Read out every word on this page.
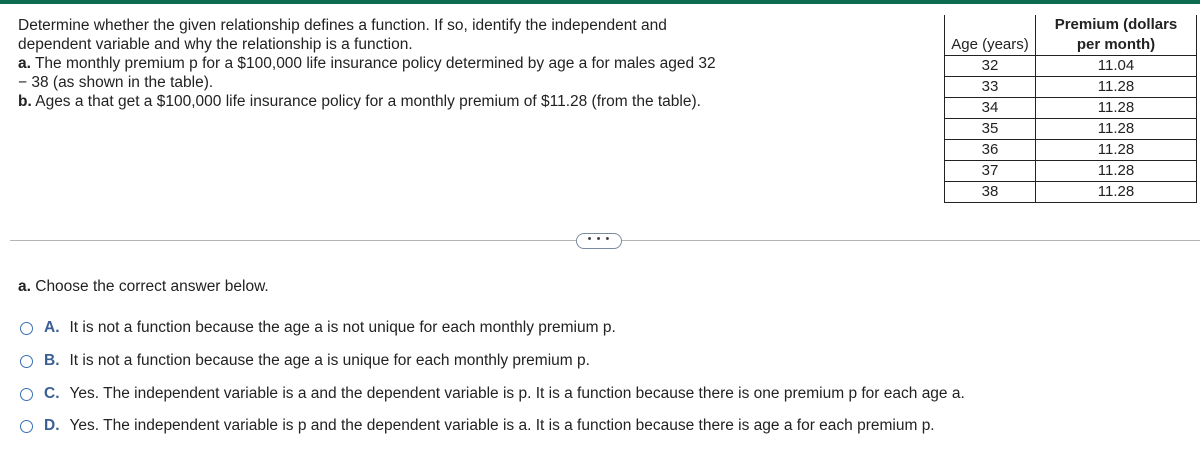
Determine whether the given relationship defines a function. If so, identify the independent and dependent variable and why the relationship is a function.

a. The monthly premium p for a $100,000 life insurance policy determined by age a for males aged 32 − 38 (as shown in the table).

b. Ages a that get a $100,000 life insurance policy for a monthly premium of $11.28 (from the table).

Age (years)	Premium (dollars
per month)

32	11.04
33	11.28
34	11.28
35	11.28
36	11.28
37	11.28
38	11.28
• • •
a. Choose the correct answer below.
A. It is not a function because the age a is not unique for each monthly premium p.
B. It is not a function because the age a is unique for each monthly premium p.
C. Yes. The independent variable is a and the dependent variable is p. It is a function because there is one premium p for each age a.
D. Yes. The independent variable is p and the dependent variable is a. It is a function because there is age a for each premium p.
